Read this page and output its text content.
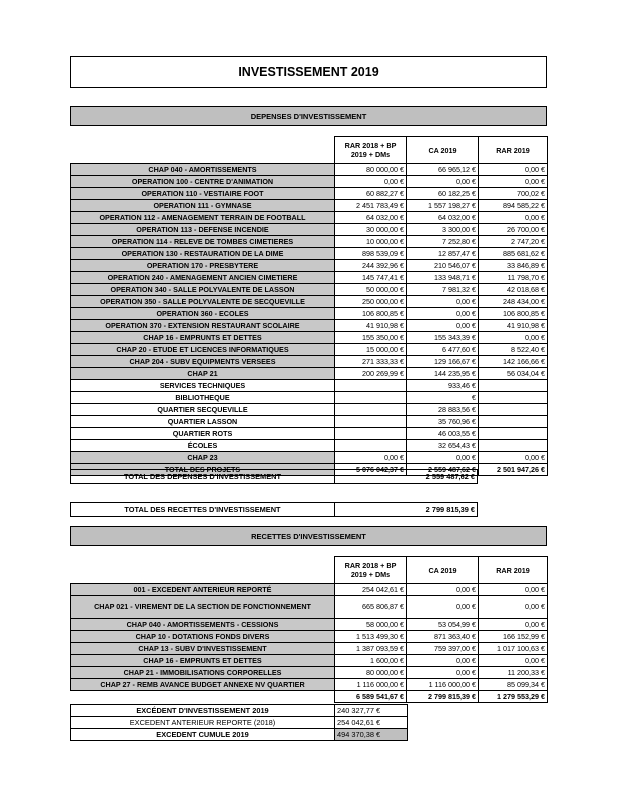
INVESTISSEMENT 2019
DEPENSES D'INVESTISSEMENT
	RAR 2018 + BP 2019 + DMs	CA 2019	RAR 2019
CHAP 040 - AMORTISSEMENTS	80 000,00 €	66 965,12 €	0,00 €
OPERATION 100 - CENTRE D'ANIMATION	0,00 €	0,00 €	0,00 €
OPERATION 110 - VESTIAIRE FOOT	60 882,27 €	60 182,25 €	700,02 €
OPERATION 111 - GYMNASE	2 451 783,49 €	1 557 198,27 €	894 585,22 €
OPERATION 112 - AMENAGEMENT TERRAIN DE FOOTBALL	64 032,00 €	64 032,00 €	0,00 €
OPERATION 113 - DEFENSE INCENDIE	30 000,00 €	3 300,00 €	26 700,00 €
OPERATION 114 - RELEVE DE TOMBES CIMETIERES	10 000,00 €	7 252,80 €	2 747,20 €
OPERATION 130 - RESTAURATION DE LA DIME	898 539,09 €	12 857,47 €	885 681,62 €
OPERATION 170 - PRESBYTERE	244 392,96 €	210 546,07 €	33 846,89 €
OPERATION 240 - AMENAGEMENT ANCIEN CIMETIERE	145 747,41 €	133 948,71 €	11 798,70 €
OPERATION 340 - SALLE POLYVALENTE DE LASSON	50 000,00 €	7 981,32 €	42 018,68 €
OPERATION 350 - SALLE POLYVALENTE DE SECQUEVILLE	250 000,00 €	0,00 €	248 434,00 €
OPERATION 360 - ECOLES	106 800,85 €	0,00 €	106 800,85 €
OPERATION 370 - EXTENSION RESTAURANT SCOLAIRE	41 910,98 €	0,00 €	41 910,98 €
CHAP 16 - EMPRUNTS ET DETTES	155 350,00 €	155 343,39 €	0,00 €
CHAP 20 - ETUDE ET LICENCES INFORMATIQUES	15 000,00 €	6 477,60 €	8 522,40 €
CHAP 204 - SUBV EQUIPMENTS VERSEES	271 333,33 €	129 166,67 €	142 166,66 €
CHAP 21	200 269,99 €	144 235,95 €	56 034,04 €
SERVICES TECHNIQUES		933,46 €	
BIBLIOTHEQUE		€	
QUARTIER SECQUEVILLE		28 883,56 €	
QUARTIER LASSON		35 760,96 €	
QUARTIER ROTS		46 003,55 €	
ÉCOLES		32 654,43 €	
CHAP 23	0,00 €	0,00 €	0,00 €
TOTAL DES PROJETS	5 076 042,37 €	2 559 487,62 €	2 501 947,26 €
TOTAL DES DEPENSES D'INVESTISSEMENT	2 559 487,62 €
TOTAL DES RECETTES D'INVESTISSEMENT	2 799 815,39 €
RECETTES D'INVESTISSEMENT
	RAR 2018 + BP 2019 + DMs	CA 2019	RAR 2019
001 - EXCEDENT ANTERIEUR REPORTÉ	254 042,61 €	0,00 €	0,00 €
CHAP 021 - VIREMENT DE LA SECTION DE FONCTIONNEMENT	665 806,87 €	0,00 €	0,00 €
CHAP 040 - AMORTISSEMENTS - CESSIONS	58 000,00 €	53 054,99 €	0,00 €
CHAP 10 - DOTATIONS FONDS DIVERS	1 513 499,30 €	871 363,40 €	166 152,99 €
CHAP 13 - SUBV D'INVESTISSEMENT	1 387 093,59 €	759 397,00 €	1 017 100,63 €
CHAP 16 - EMPRUNTS ET DETTES	1 600,00 €	0,00 €	0,00 €
CHAP 21 - IMMOBILISATIONS CORPORELLES	80 000,00 €	0,00 €	11 200,33 €
CHAP 27 - REMB AVANCE BUDGET ANNEXE NV QUARTIER	1 116 000,00 €	1 116 000,00 €	85 099,34 €
	6 589 541,67 €	2 799 815,39 €	1 279 553,29 €
EXCÉDENT D'INVESTISSEMENT 2019	240 327,77 €
EXCEDENT ANTERIEUR REPORTE (2018)	254 042,61 €
EXCEDENT CUMULE 2019	494 370,38 €
